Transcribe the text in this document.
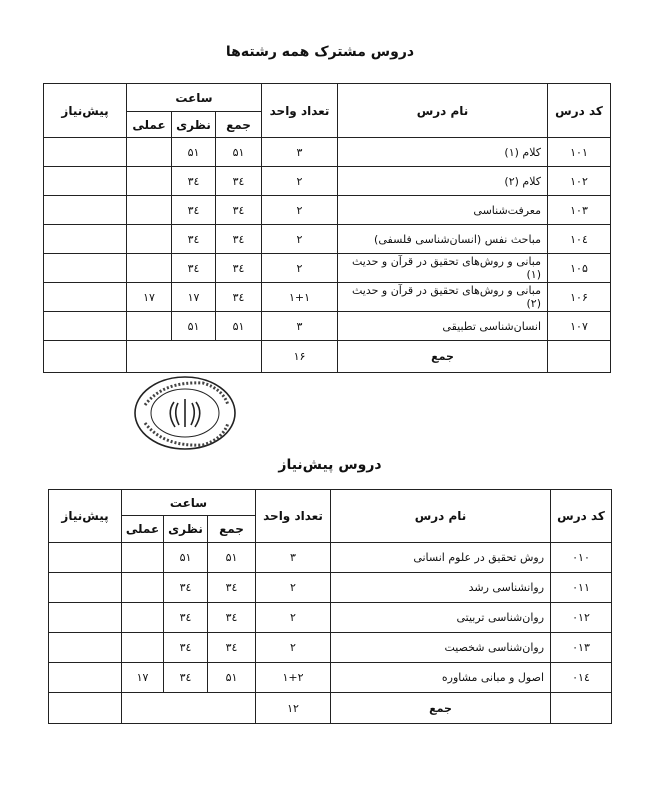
دروس مشترک همه رشته‌ها
کد درس	نام درس	تعداد واحد	ساعت			پیش‌نیاز
			جمع	نظری	عملی	
۱۰۱	کلام (۱)	۳	۵۱	۵۱		
۱۰۲	کلام (۲)	۲	۳٤	۳٤		
۱۰۳	معرفت‌شناسی	۲	۳٤	۳٤		
۱۰٤	مباحث نفس (انسان‌شناسی فلسفی)	۲	۳٤	۳٤		
۱۰۵	مبانی و روش‌های تحقیق در قرآن و حدیث (۱)	۲	۳٤	۳٤		
۱۰۶	مبانی و روش‌های تحقیق در قرآن و حدیث (۲)	۱+۱	۳٤	۱۷	۱۷	
۱۰۷	انسان‌شناسی تطبیقی	۳	۵۱	۵۱		
	جمع	۱۶				
دروس پیش‌نیاز
کد درس	نام درس	تعداد واحد	ساعت			پیش‌نیاز
			جمع	نظری	عملی	
۰۱۰	روش تحقیق در علوم انسانی	۳	۵۱	۵۱		
۰۱۱	روانشناسی رشد	۲	۳٤	۳٤		
۰۱۲	روان‌شناسی تربیتی	۲	۳٤	۳٤		
۰۱۳	روان‌شناسی شخصیت	۲	۳٤	۳٤		
۰۱٤	اصول و مبانی مشاوره	۱+۲	۵۱	۳٤	۱۷	
	جمع	۱۲				
